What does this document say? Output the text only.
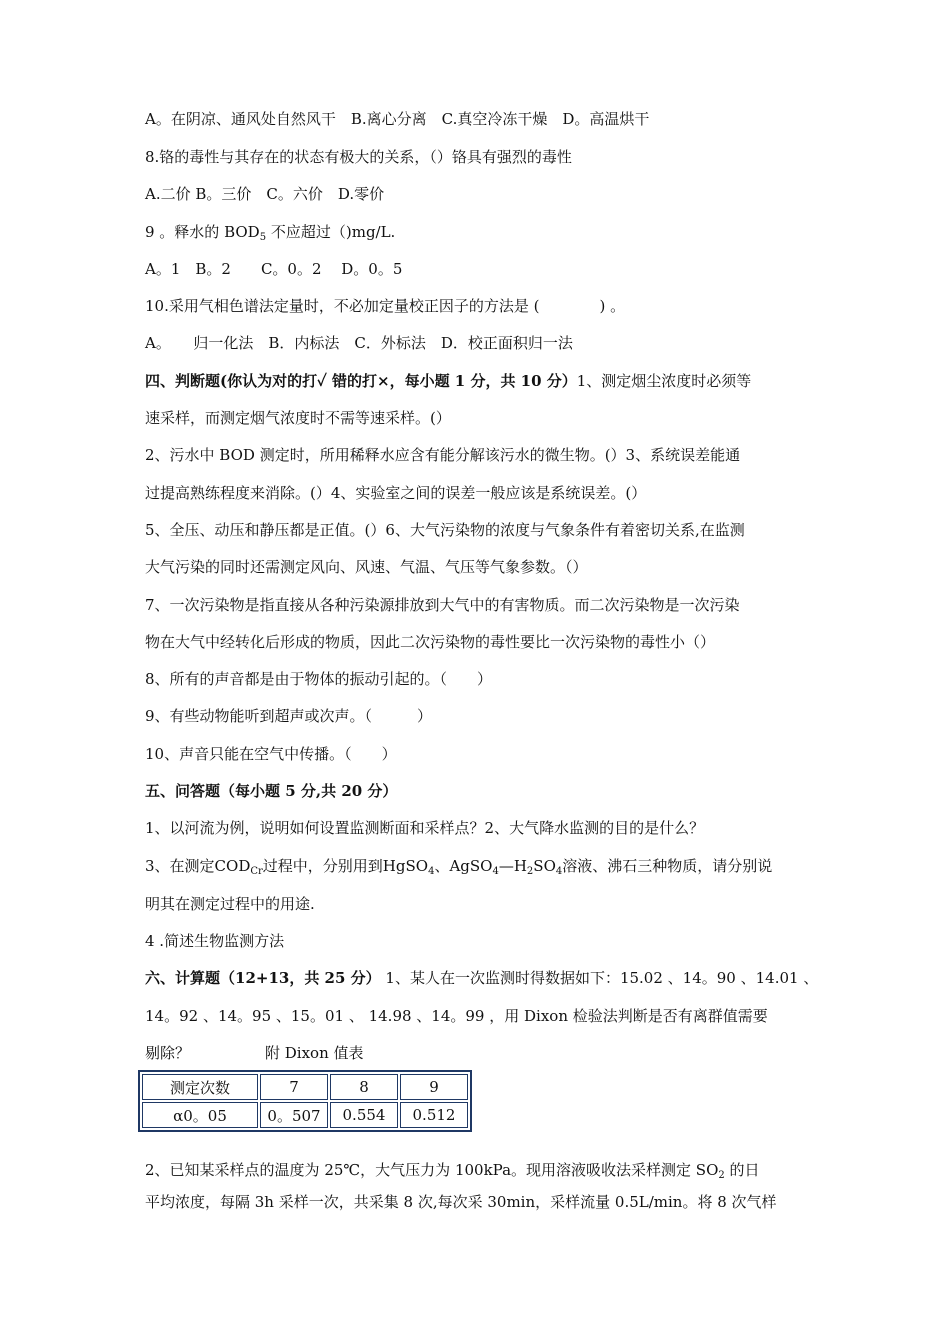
A。在阴凉、通风处自然风干　B.离心分离　C.真空冷冻干燥　D。高温烘干
8.铬的毒性与其存在的状态有极大的关系，（）铬具有强烈的毒性
A.二价 B。三价　C。六价　D.零价
9 。释水的 $BOD_5$ 不应超过（)mg/L.
A。1　B。2　　C。0。2　 D。0。5
10.采用气相色谱法定量时，不必加定量校正因子的方法是 (　　　　) 。
A。　　归一化法　B．内标法　C．外标法　D．校正面积归一法
四、判断题(你认为对的打✓ 错的打×，每小题 1 分，共 10 分）1、测定烟尘浓度时必须等
速采样，而测定烟气浓度时不需等速采样。(）
2、污水中 BOD 测定时，所用稀释水应含有能分解该污水的微生物。(）3、系统误差能通
过提高熟练程度来消除。(）4、实验室之间的误差一般应该是系统误差。(）
5、全压、动压和静压都是正值。(）6、大气污染物的浓度与气象条件有着密切关系,在监测
大气污染的同时还需测定风向、风速、气温、气压等气象参数。（）
7、一次污染物是指直接从各种污染源排放到大气中的有害物质。而二次污染物是一次污染
物在大气中经转化后形成的物质，因此二次污染物的毒性要比一次污染物的毒性小（）
8、所有的声音都是由于物体的振动引起的。（　　）
9、有些动物能听到超声或次声。（　　　）
10、声音只能在空气中传播。（　　）
五、问答题（每小题 5 分,共 20 分）
1、以河流为例，说明如何设置监测断面和采样点？2、大气降水监测的目的是什么？
3、在测定$COD_{Cr}$过程中，分别用到HgSO$_4$、$AgSO_4—H_2SO_4$溶液、沸石三种物质，请分别说
明其在测定过程中的用途.
4 .简述生物监测方法
六、计算题（12+13，共 25 分） 1、某人在一次监测时得数据如下：15.02 、14。90 、14.01 、
14。92 、14。95 、15。01 、 14.98 、14。99 ，用 Dixon 检验法判断是否有离群值需要
剔除？　　　　　附 Dixon 值表
测定次数	7	8	9
α0。05	0。507	0.554	0.512
2、已知某采样点的温度为 25℃，大气压力为 100kPa。现用溶液吸收法采样测定 $SO_2$ 的日
平均浓度，每隔 3h 采样一次，共采集 8 次,每次采 30min，采样流量 0.5L/min。将 8 次气样
